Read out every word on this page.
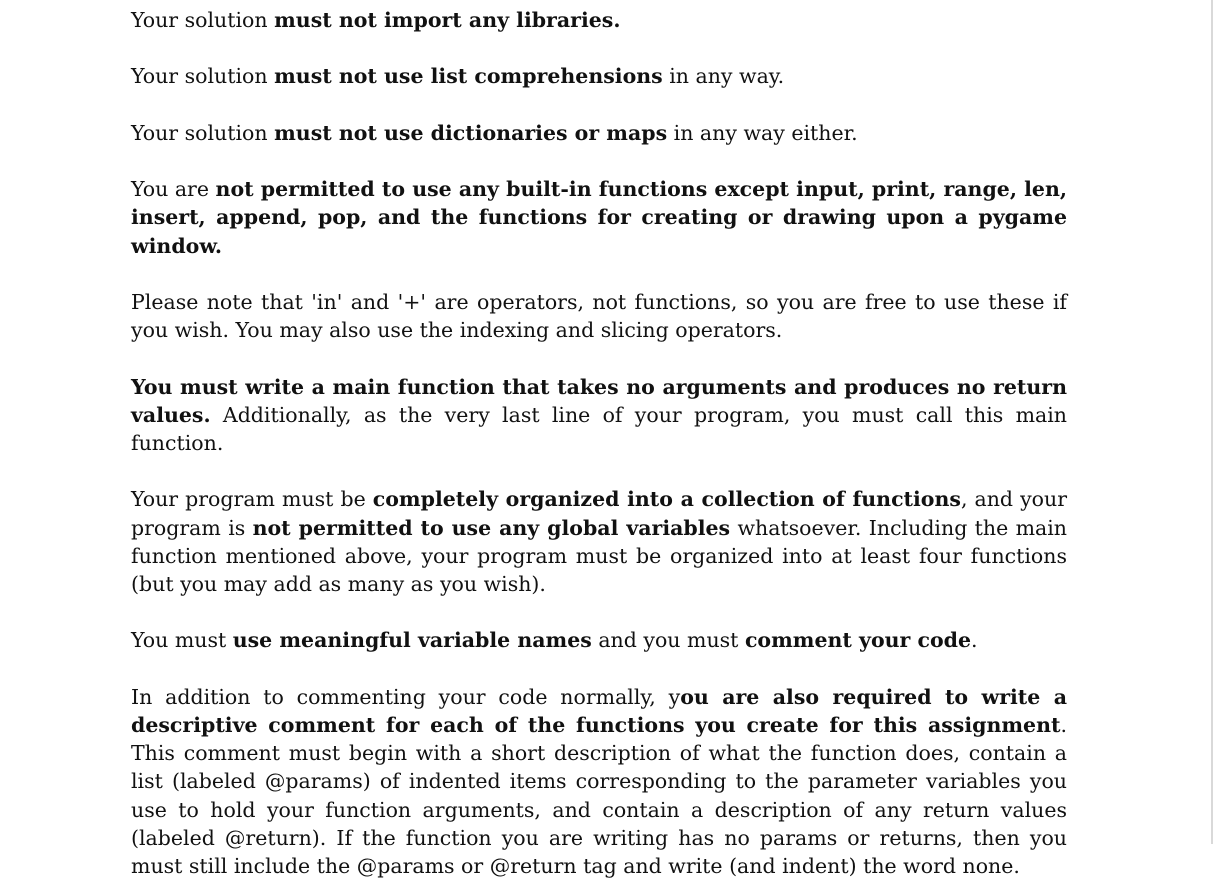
Your solution must not import any libraries.

Your solution must not use list comprehensions in any way.

Your solution must not use dictionaries or maps in any way either.

You are not permitted to use any built-in functions except input, print, range, len, insert, append, pop, and the functions for creating or drawing upon a pygame window.

Please note that 'in' and '+' are operators, not functions, so you are free to use these if you wish. You may also use the indexing and slicing operators.

You must write a main function that takes no arguments and produces no return values. Additionally, as the very last line of your program, you must call this main function.

Your program must be completely organized into a collection of functions, and your program is not permitted to use any global variables whatsoever. Including the main function mentioned above, your program must be organized into at least four functions (but you may add as many as you wish).

You must use meaningful variable names and you must comment your code.

In addition to commenting your code normally, you are also required to write a descriptive comment for each of the functions you create for this assignment. This comment must begin with a short description of what the function does, contain a list (labeled @params) of indented items corresponding to the parameter variables you use to hold your function arguments, and contain a description of any return values (labeled @return). If the function you are writing has no params or returns, then you must still include the @params or @return tag and write (and indent) the word none.
